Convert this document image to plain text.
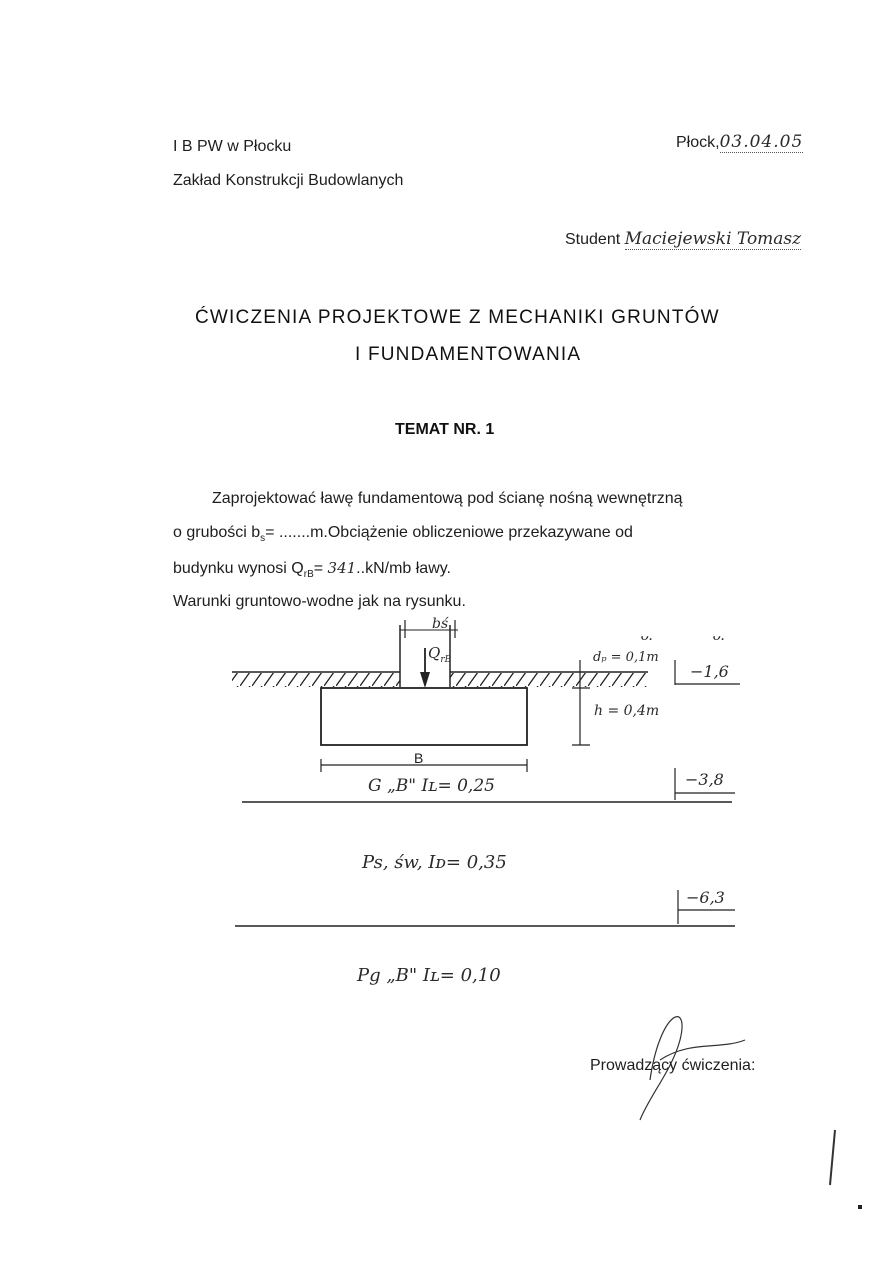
I B PW w Płocku
Zakład Konstrukcji Budowlanych
Płock,03.04.05
Student Maciejewski Tomasz
ĆWICZENIA PROJEKTOWE Z MECHANIKI GRUNTÓW
I FUNDAMENTOWANIA
TEMAT NR. 1
Zaprojektować ławę fundamentową pod ścianę nośną wewnętrzną
o grubości $b_s=$ .......m.Obciążenie obliczeniowe przekazywane od
budynku wynosi $Q_{rB}= 341..kN/mb$ ławy.
Warunki gruntowo-wodne jak na rysunku.
bś
$Q_{rB}$	dₚ = 0,1m
h = 0,4m
B
−1,6
−3,8
−6,3
ᴗ.	ᴗ.
G „B" Iʟ= 0,25
Ps, św, Iᴅ= 0,35
Pg „B" Iʟ= 0,10
Prowadzący ćwiczenia:
